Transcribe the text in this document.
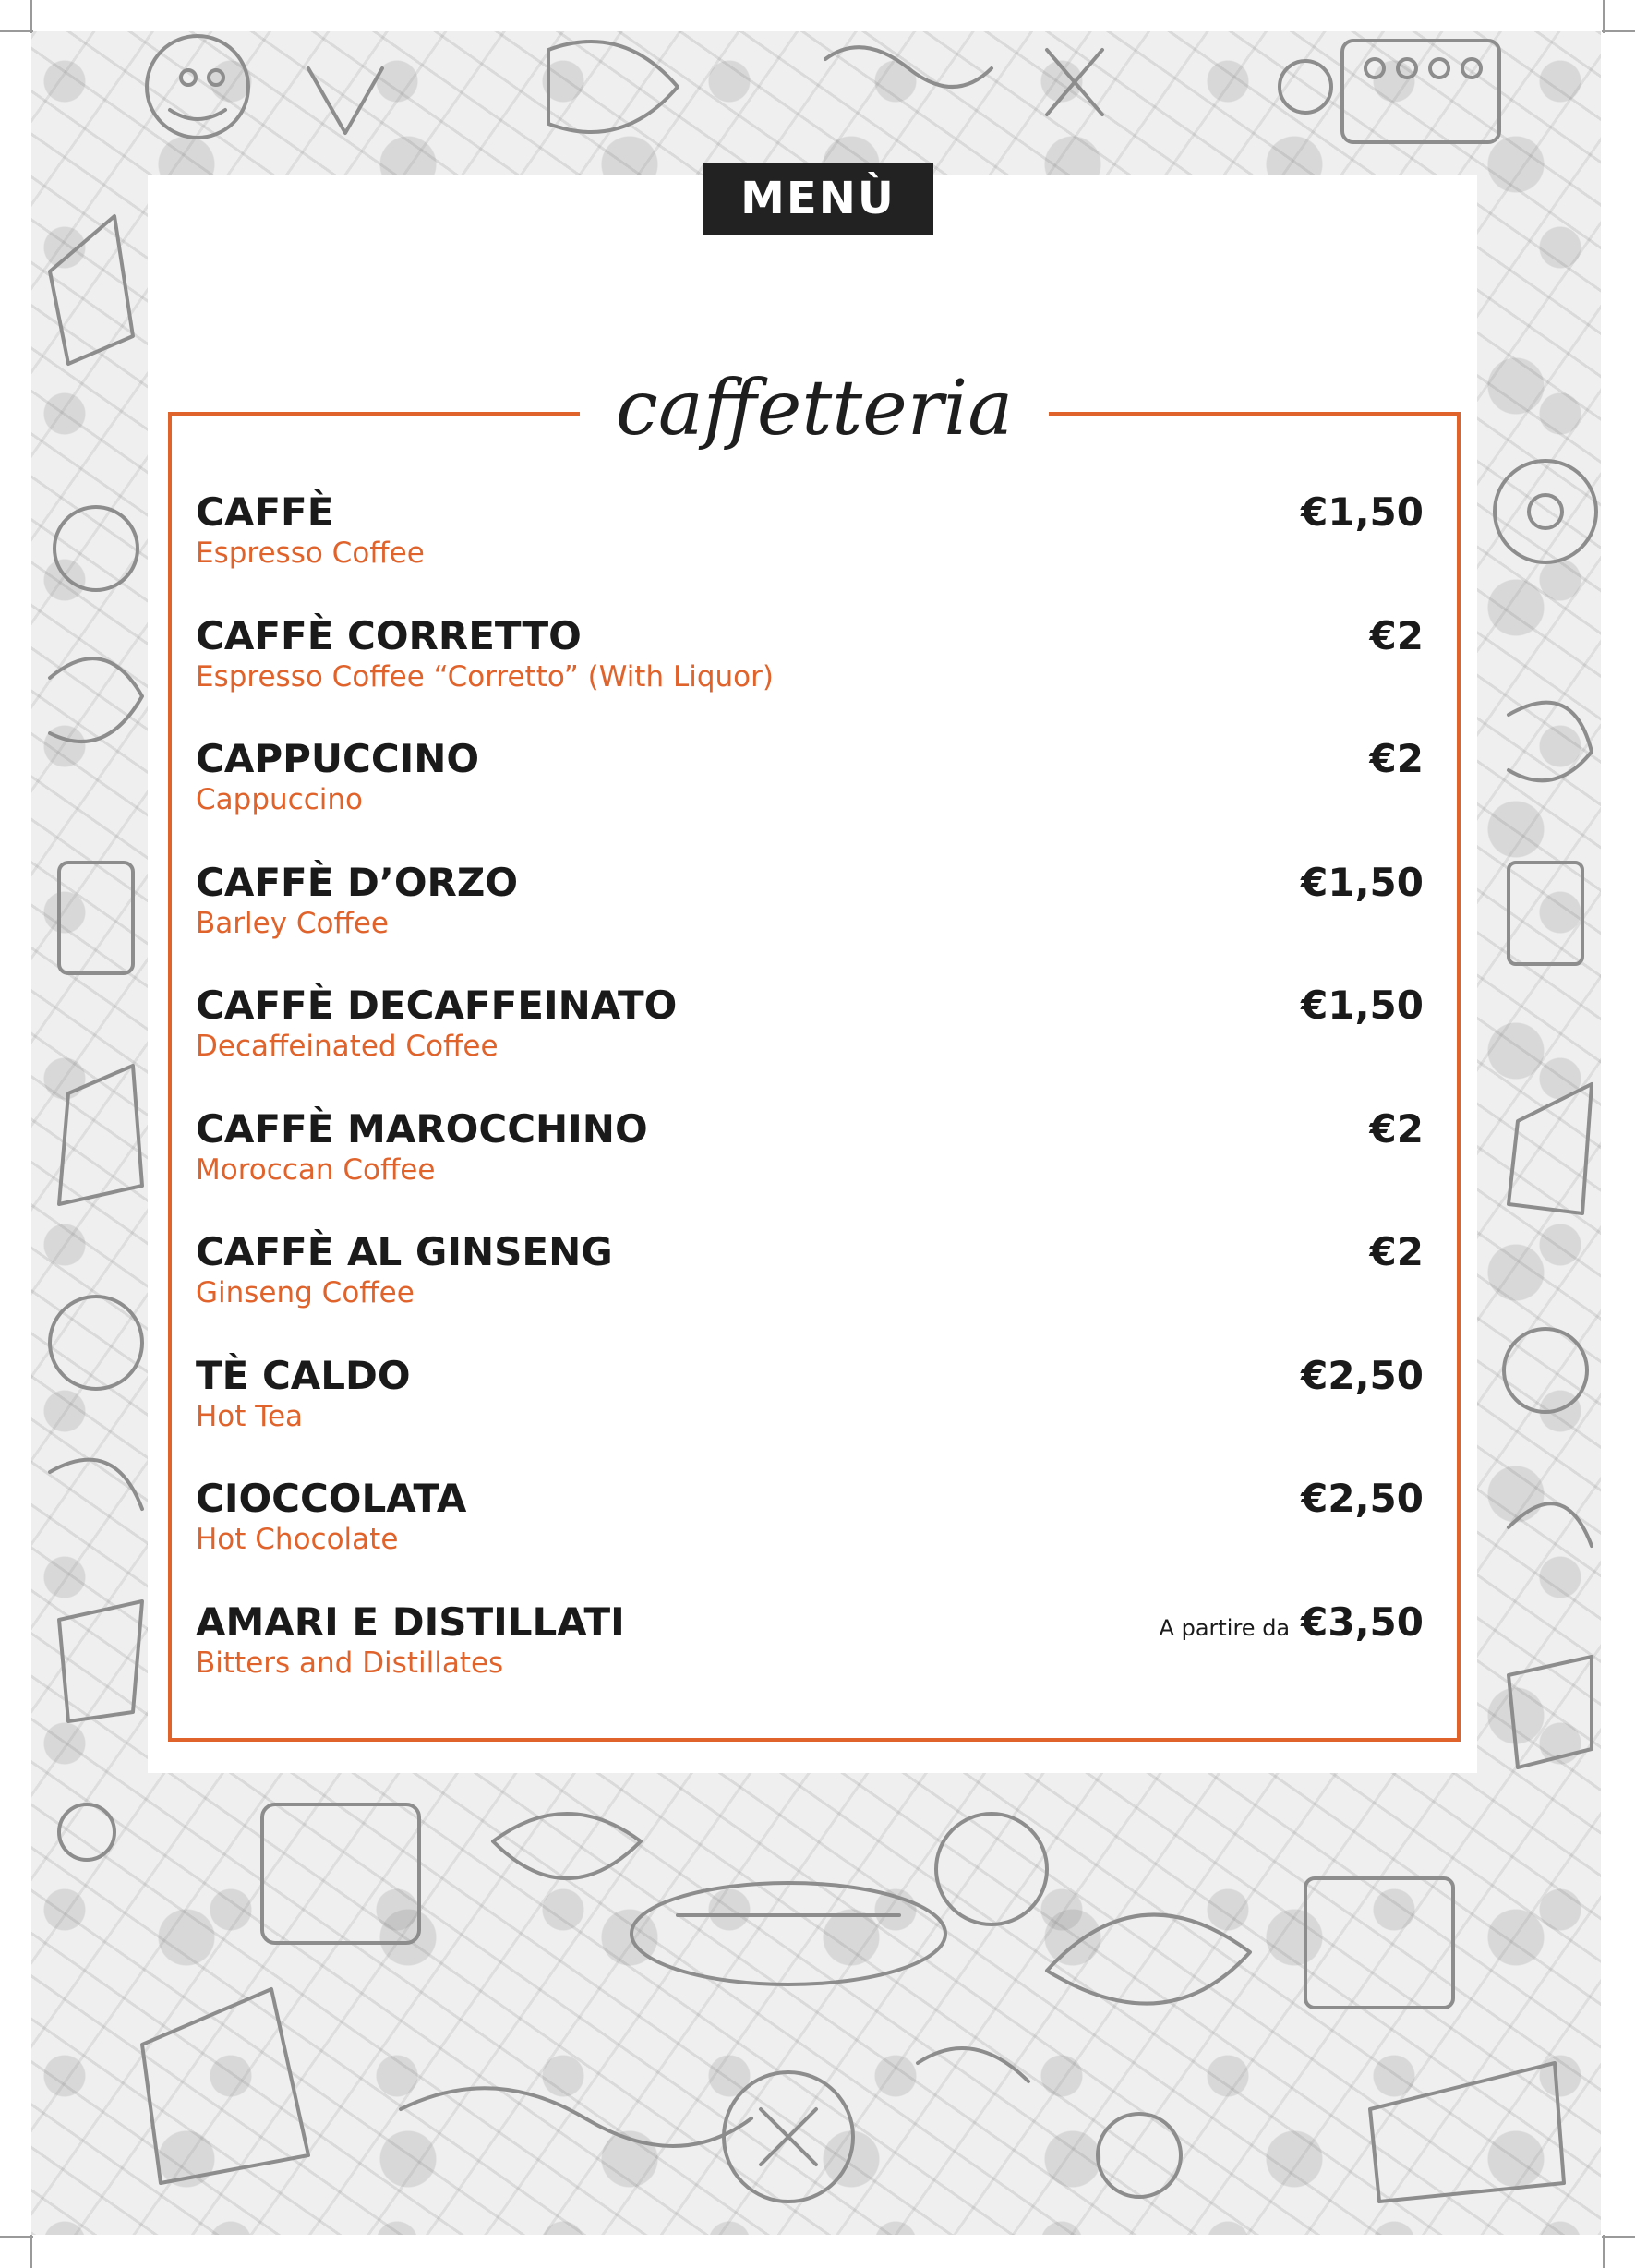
MENÙ
caffetteria
CAFFÈ
Espresso Coffee
€1,50
CAFFÈ CORRETTO
Espresso Coffee “Corretto” (With Liquor)
€2
CAPPUCCINO
Cappuccino
€2
CAFFÈ D’ORZO
Barley Coffee
€1,50
CAFFÈ DECAFFEINATO
Decaffeinated Coffee
€1,50
CAFFÈ MAROCCHINO
Moroccan Coffee
€2
CAFFÈ AL GINSENG
Ginseng Coffee
€2
TÈ CALDO
Hot Tea
€2,50
CIOCCOLATA
Hot Chocolate
€2,50
AMARI E DISTILLATI
Bitters and Distillates
A partire da €3,50
